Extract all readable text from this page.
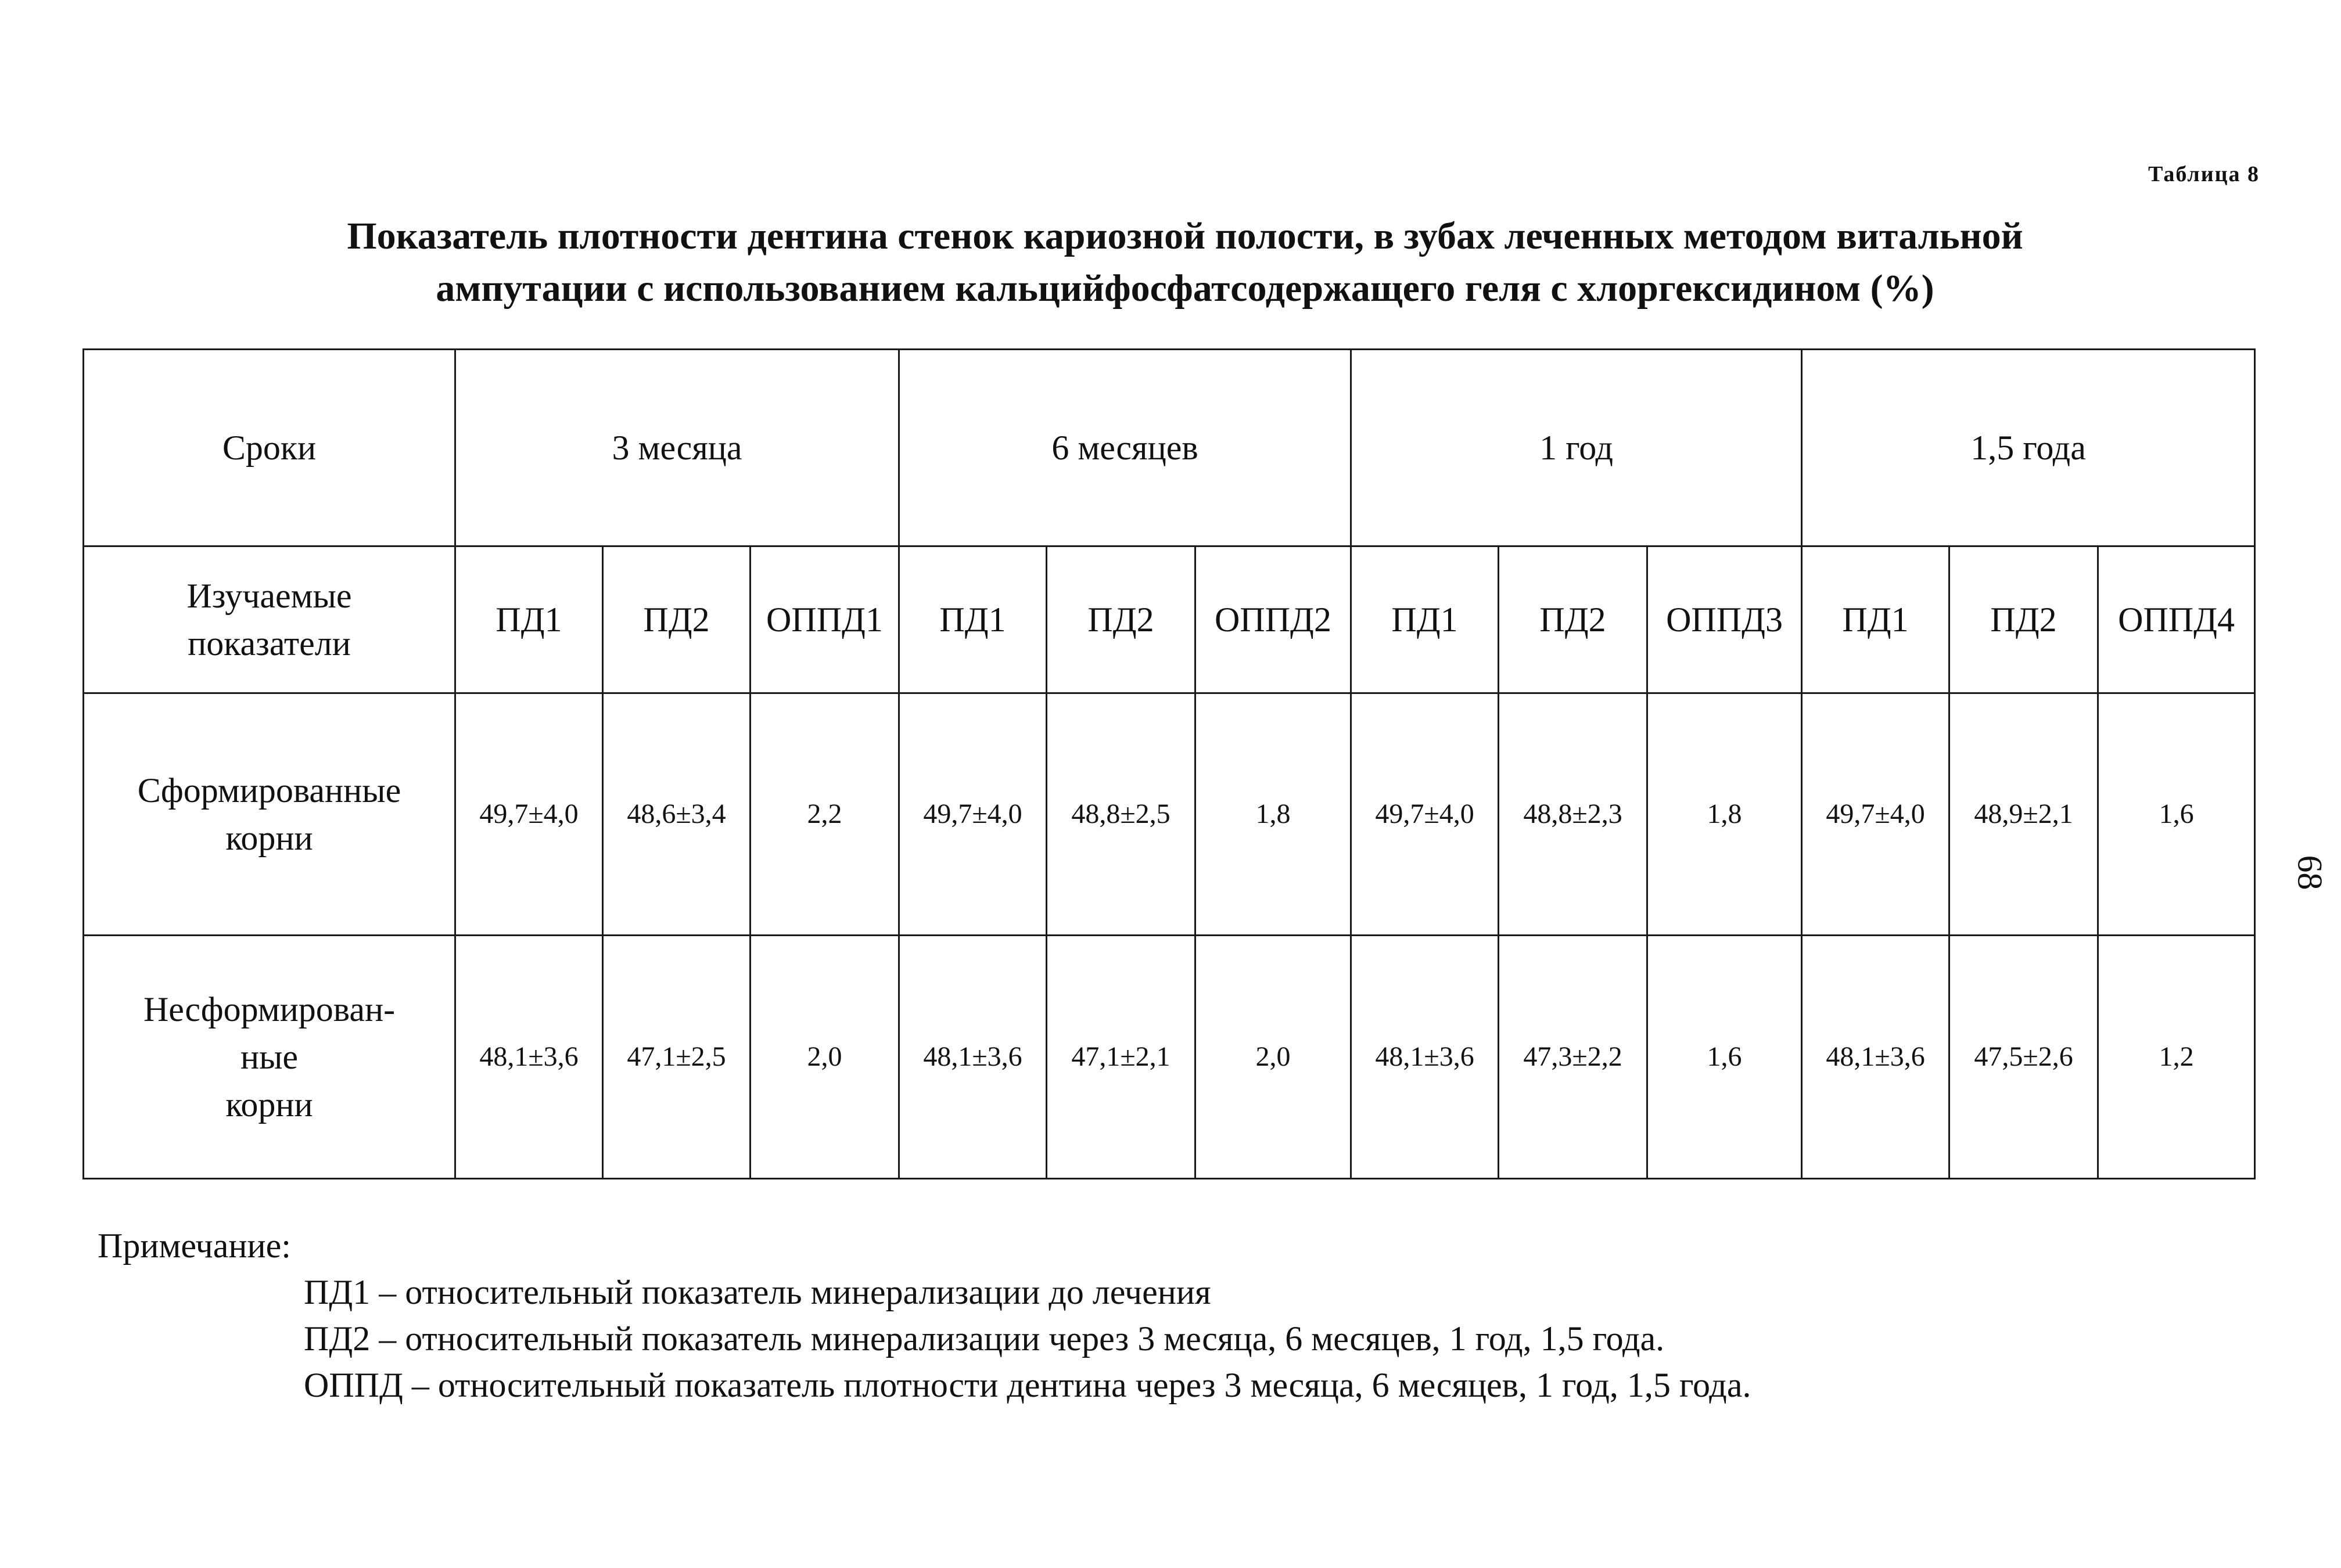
Таблица 8
Показатель плотности дентина стенок кариозной полости, в зубах леченных методом витальной
ампутации с использованием кальцийфосфатсодержащего геля с хлоргексидином (%)
Сроки	3 месяца			6 месяцев			1 год			1,5 года		
Изучаемые
показатели	ПД1	ПД2	ОППД1	ПД1	ПД2	ОППД2	ПД1	ПД2	ОППД3	ПД1	ПД2	ОППД4
Сформированные
корни	49,7±4,0	48,6±3,4	2,2	49,7±4,0	48,8±2,5	1,8	49,7±4,0	48,8±2,3	1,8	49,7±4,0	48,9±2,1	1,6
Несформирован-
ные
корни	48,1±3,6	47,1±2,5	2,0	48,1±3,6	47,1±2,1	2,0	48,1±3,6	47,3±2,2	1,6	48,1±3,6	47,5±2,6	1,2
Примечание:
ПД1 – относительный показатель минерализации до лечения
ПД2 – относительный показатель минерализации через 3 месяца, 6 месяцев, 1 год, 1,5 года.
ОППД – относительный показатель плотности дентина через 3 месяца, 6 месяцев, 1 год, 1,5 года.
68
